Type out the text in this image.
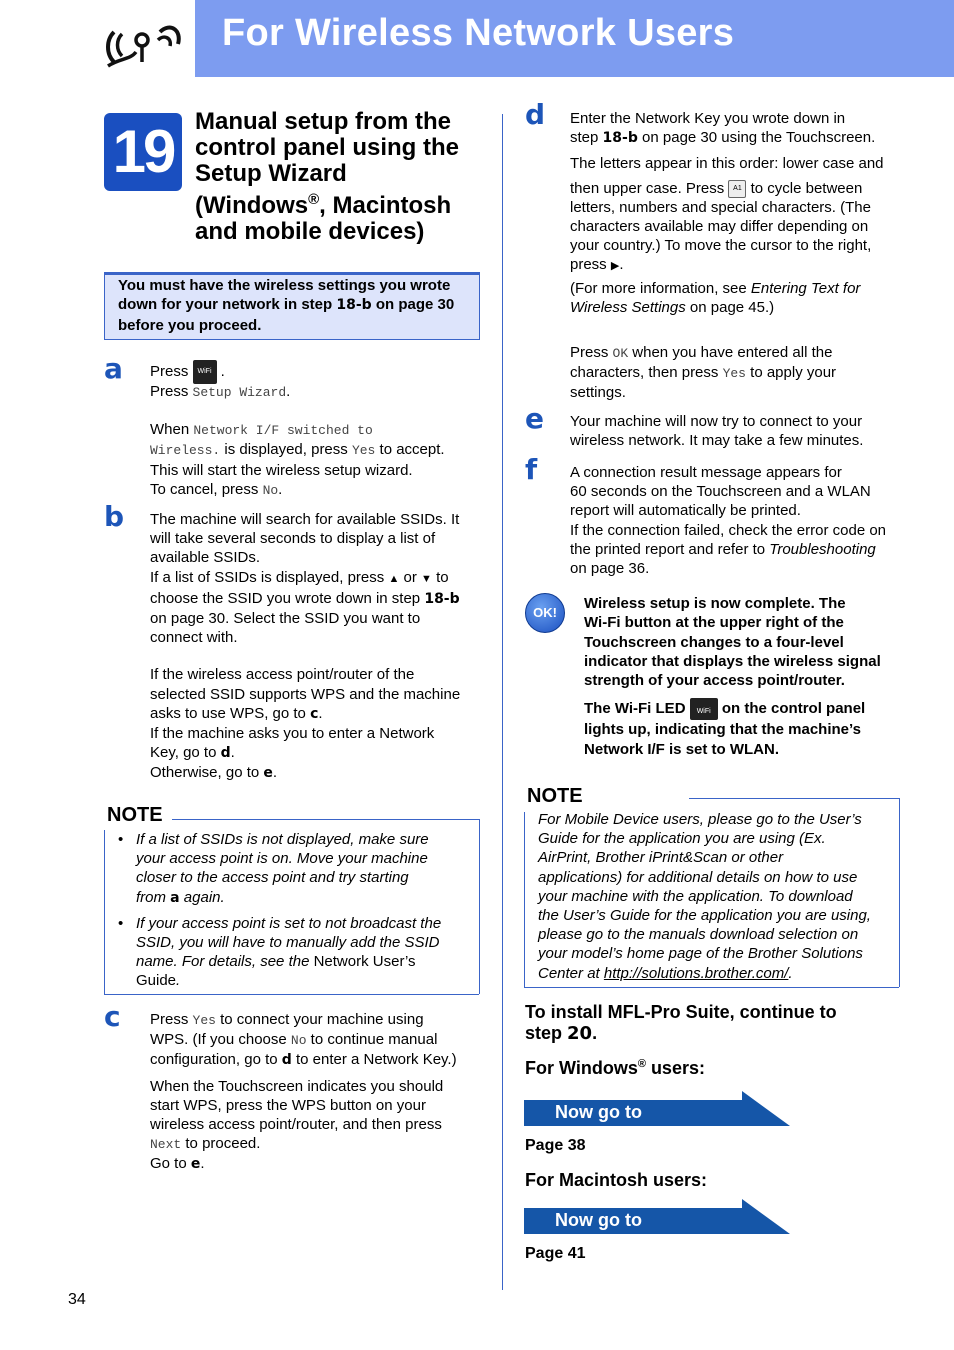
For Wireless Network Users
19 Manual setup from the
control panel using the
Setup Wizard
(Windows®, Macintosh
and mobile devices)
You must have the wireless settings you wrote down for your network in step 18-b on page 30 before you proceed.
a Press WiFi .
Press Setup Wizard.
When Network I/F switched to
Wireless. is displayed, press Yes to accept.
This will start the wireless setup wizard.
To cancel, press No.
b The machine will search for available SSIDs. It
will take several seconds to display a list of
available SSIDs.
If a list of SSIDs is displayed, press ▲ or ▼ to
choose the SSID you wrote down in step 18-b
on page 30. Select the SSID you want to
connect with.
If the wireless access point/router of the
selected SSID supports WPS and the machine
asks to use WPS, go to c.
If the machine asks you to enter a Network
Key, go to d.
Otherwise, go to e.
NOTE
• If a list of SSIDs is not displayed, make sure
your access point is on. Move your machine
closer to the access point and try starting
from a again.
• If your access point is set to not broadcast the
SSID, you will have to manually add the SSID
name. For details, see the Network User’s
Guide.
c Press Yes to connect your machine using
WPS. (If you choose No to continue manual
configuration, go to d to enter a Network Key.)
When the Touchscreen indicates you should
start WPS, press the WPS button on your
wireless access point/router, and then press
Next to proceed.
Go to e.
d Enter the Network Key you wrote down in
step 18-b on page 30 using the Touchscreen.
The letters appear in this order: lower case and
then upper case. Press A1 to cycle between
letters, numbers and special characters. (The
characters available may differ depending on
your country.) To move the cursor to the right,
press ▶.
(For more information, see Entering Text for
Wireless Settings on page 45.)
Press OK when you have entered all the
characters, then press Yes to apply your
settings.
e Your machine will now try to connect to your
wireless network. It may take a few minutes.
f A connection result message appears for
60 seconds on the Touchscreen and a WLAN
report will automatically be printed.
If the connection failed, check the error code on
the printed report and refer to Troubleshooting
on page 36.
OK!
Wireless setup is now complete. The
Wi-Fi button at the upper right of the
Touchscreen changes to a four-level
indicator that displays the wireless signal
strength of your access point/router.
The Wi-Fi LED WiFi on the control panel
lights up, indicating that the machine’s
Network I/F is set to WLAN.
NOTE
For Mobile Device users, please go to the User’s
Guide for the application you are using (Ex.
AirPrint, Brother iPrint&Scan or other
applications) for additional details on how to use
your machine with the application. To download
the User’s Guide for the application you are using,
please go to the manuals download selection on
your model’s home page of the Brother Solutions
Center at http://solutions.brother.com/.
To install MFL-Pro Suite, continue to
step 20.
For Windows® users:
Now go to
Page 38
For Macintosh users:
Now go to
Page 41
34
